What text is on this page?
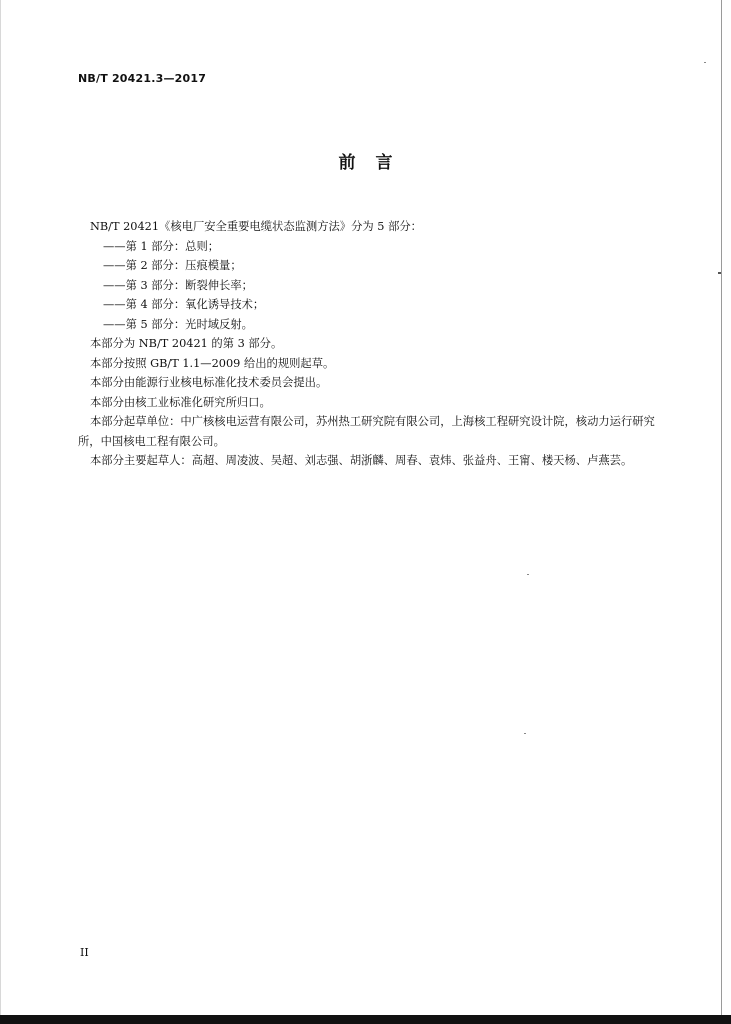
NB/T 20421.3—2017
前言

NB/T 20421《核电厂安全重要电缆状态监测方法》分为 5 部分：

——第 1 部分：总则；

——第 2 部分：压痕模量；

——第 3 部分：断裂伸长率；

——第 4 部分：氧化诱导技术；

——第 5 部分：光时域反射。

本部分为 NB/T 20421 的第 3 部分。

本部分按照 GB/T 1.1—2009 给出的规则起草。

本部分由能源行业核电标准化技术委员会提出。

本部分由核工业标准化研究所归口。

本部分起草单位：中广核核电运营有限公司，苏州热工研究院有限公司，上海核工程研究设计院，核动力运行研究所，中国核电工程有限公司。

本部分主要起草人：高超、周凌波、吴超、刘志强、胡浙麟、周春、袁炜、张益舟、王甯、楼天杨、卢燕芸。

II
